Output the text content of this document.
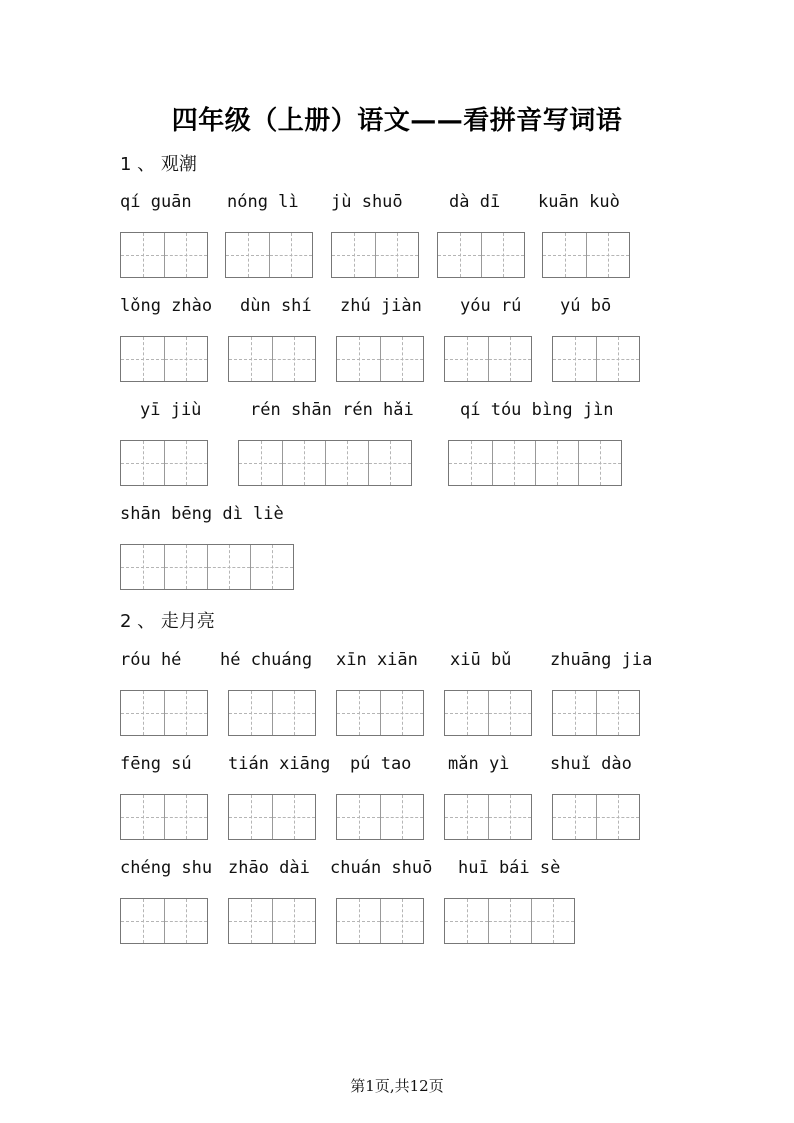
四年级（上册）语文——看拼音写词语
1 、 观潮
2 、 走月亮
qí guān nóng lì jù shuō	dà dī kuān kuò
lǒng zhào dùn shí zhú jiàn yóu rú yú bō
yī jiù	rén shān rén hǎi	qí tóu bìng jìn
shān bēng dì liè
róu hé hé chuáng xīn xiān xiū bǔ zhuāng jia
fēng sú tián xiāng pú tao mǎn yì shuǐ dào
chéng shu zhāo dài chuán shuō huī bái sè
第1页,共12页
